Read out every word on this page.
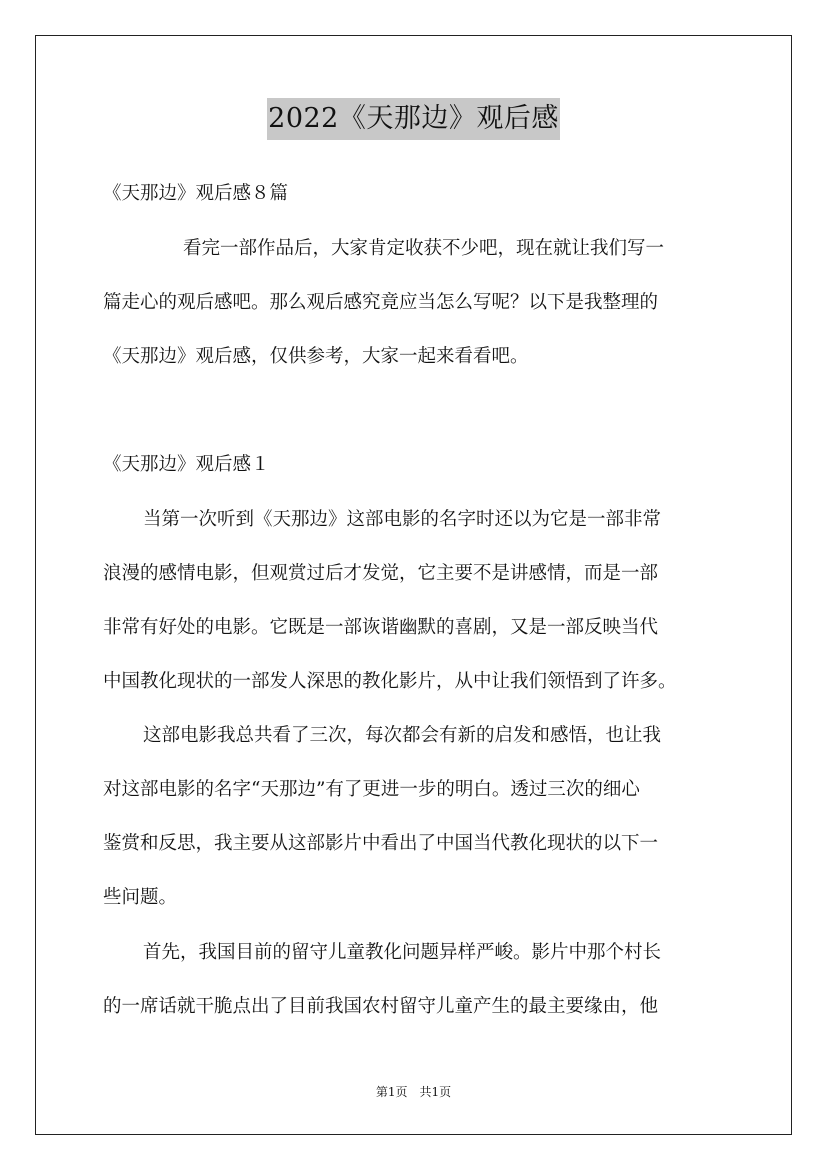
2022《天那边》观后感
《天那边》观后感８篇
看完一部作品后，大家肯定收获不少吧，现在就让我们写一
篇走心的观后感吧。那么观后感究竟应当怎么写呢？以下是我整理的
《天那边》观后感，仅供参考，大家一起来看看吧。
《天那边》观后感１
当第一次听到《天那边》这部电影的名字时还以为它是一部非常
浪漫的感情电影，但观赏过后才发觉，它主要不是讲感情，而是一部
非常有好处的电影。它既是一部诙谐幽默的喜剧，又是一部反映当代
中国教化现状的一部发人深思的教化影片，从中让我们领悟到了许多。
这部电影我总共看了三次，每次都会有新的启发和感悟，也让我
对这部电影的名字“天那边”有了更进一步的明白。透过三次的细心
鉴赏和反思，我主要从这部影片中看出了中国当代教化现状的以下一
些问题。
首先，我国目前的留守儿童教化问题异样严峻。影片中那个村长
的一席话就干脆点出了目前我国农村留守儿童产生的最主要缘由，他
第1页　共1页
